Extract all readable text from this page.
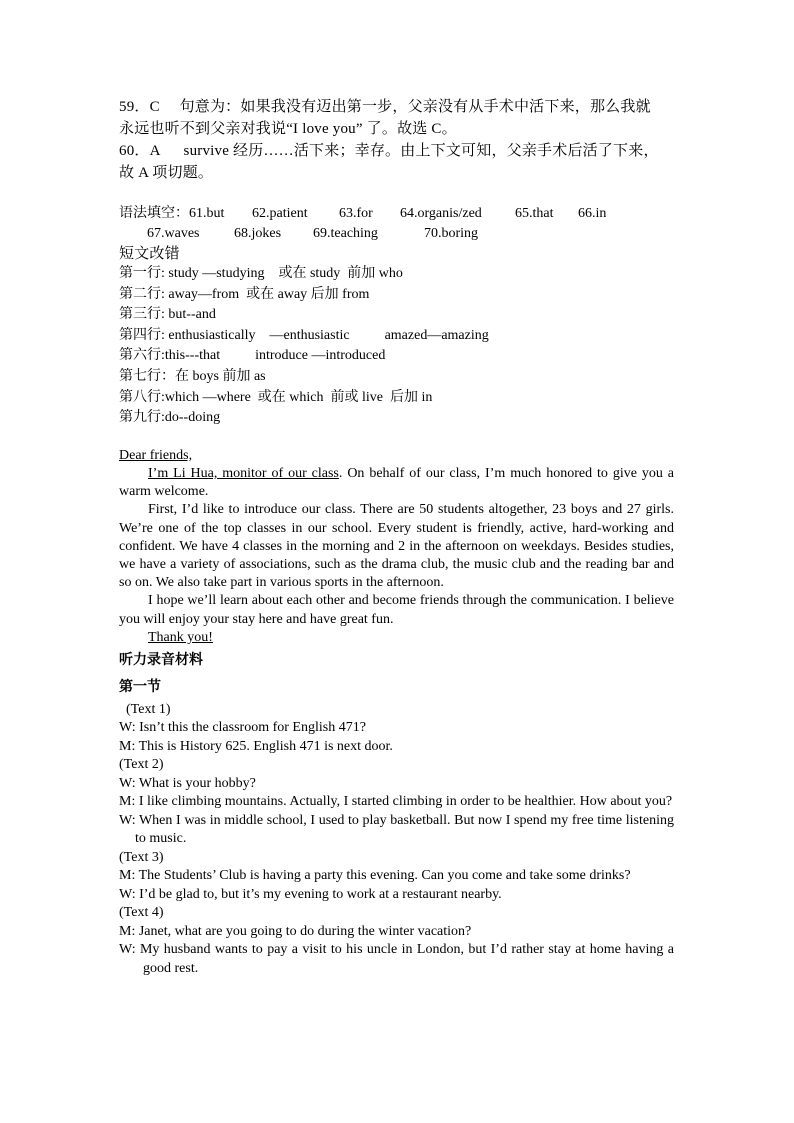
59．C 句意为：如果我没有迈出第一步，父亲没有从手术中活下来，那么我就

永远也听不到父亲对我说“I love you” 了。故选 C。

60．A survive 经历……活下来；幸存。由上下文可知，父亲手术后活了下来，

故 A 项切题。

语法填空：61.but 62.patient 63.for 64.organis/zed 65.that 66.in

67.waves 68.jokes 69.teaching	70.boring

短文改错

第一行: study —studying    或在 study  前加 who

第二行: away—from  或在 away 后加 from

第三行: but--and

第四行: enthusiastically    —enthusiastic          amazed—amazing

第六行:this---that          introduce —introduced

第七行：在 boys 前加 as

第八行:which —where  或在 which  前或 live  后加 in

第九行:do--doing

Dear friends,

I’m Li Hua, monitor of our class. On behalf of our class, I’m much honored to give you a warm welcome.

First, I’d like to introduce our class. There are 50 students altogether, 23 boys and 27 girls. We’re one of the top classes in our school. Every student is friendly, active, hard-working and confident. We have 4 classes in the morning and 2 in the afternoon on weekdays. Besides studies, we have a variety of associations, such as the drama club, the music club and the reading bar and so on. We also take part in various sports in the afternoon.

I hope we’ll learn about each other and become friends through the communication. I believe you will enjoy your stay here and have great fun.

Thank you!

听力录音材料

第一节

(Text 1)

W: Isn’t this the classroom for English 471?

M: This is History 625. English 471 is next door.

(Text 2)

W: What is your hobby?

M: I like climbing mountains. Actually, I started climbing in order to be healthier. How about you?

W: When I was in middle school, I used to play basketball. But now I spend my free time listening to music.

(Text 3)

M: The Students’ Club is having a party this evening. Can you come and take some drinks?

W: I’d be glad to, but it’s my evening to work at a restaurant nearby.

(Text 4)

M: Janet, what are you going to do during the winter vacation?

W: My husband wants to pay a visit to his uncle in London, but I’d rather stay at home having a good rest.
